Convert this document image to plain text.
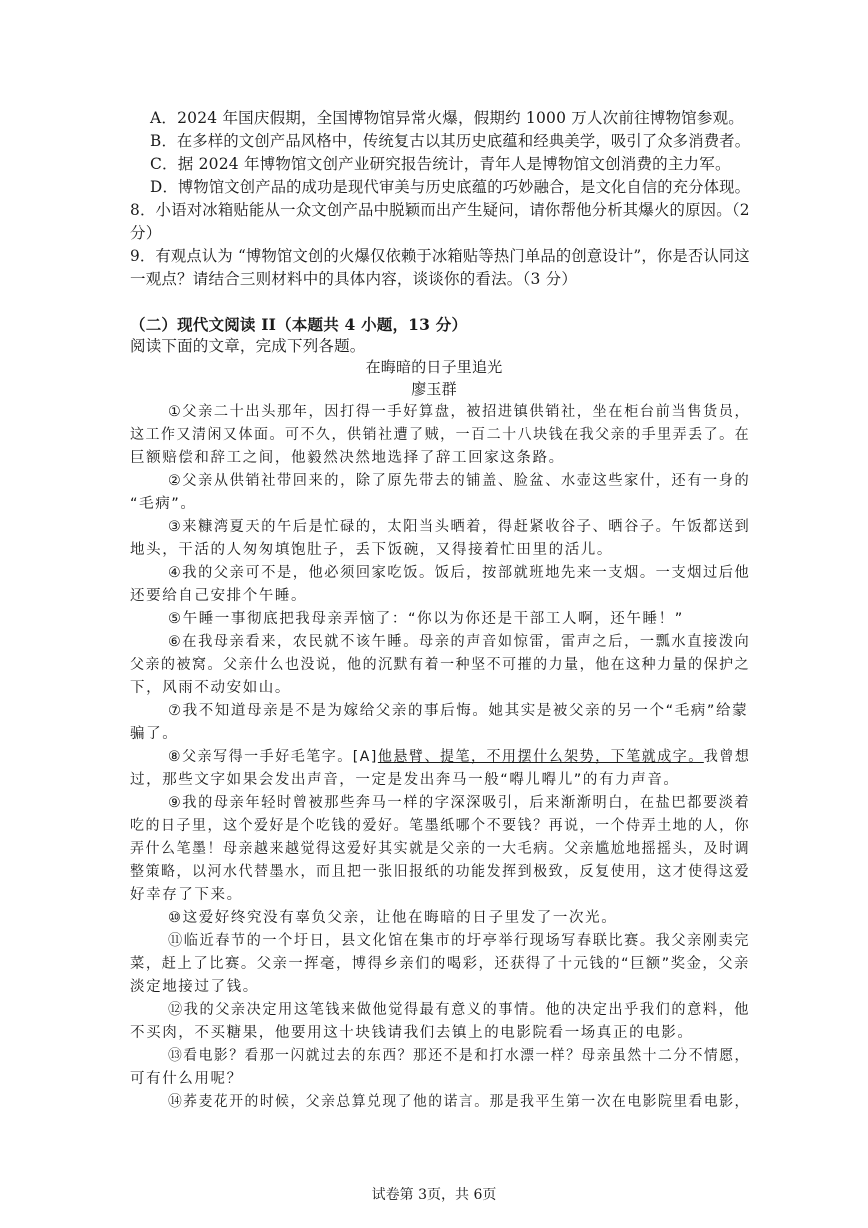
A．2024 年国庆假期，全国博物馆异常火爆，假期约 1000 万人次前往博物馆参观。
B．在多样的文创产品风格中，传统复古以其历史底蕴和经典美学，吸引了众多消费者。
C．据 2024 年博物馆文创产业研究报告统计，青年人是博物馆文创消费的主力军。
D．博物馆文创产品的成功是现代审美与历史底蕴的巧妙融合，是文化自信的充分体现。
8．小语对冰箱贴能从一众文创产品中脱颖而出产生疑问，请你帮他分析其爆火的原因。（2
分）
9．有观点认为 “博物馆文创的火爆仅依赖于冰箱贴等热门单品的创意设计”，你是否认同这
一观点？请结合三则材料中的具体内容，谈谈你的看法。（3 分）
（二）现代文阅读 II（本题共 4 小题，13 分）
阅读下面的文章，完成下列各题。
在晦暗的日子里追光
廖玉群
①父亲二十出头那年，因打得一手好算盘，被招进镇供销社，坐在柜台前当售货员，
这工作又清闲又体面。可不久，供销社遭了贼，一百二十八块钱在我父亲的手里弄丢了。在
巨额赔偿和辞工之间，他毅然决然地选择了辞工回家这条路。
②父亲从供销社带回来的，除了原先带去的铺盖、脸盆、水壶这些家什，还有一身的
“毛病”。
③来糠湾夏天的午后是忙碌的，太阳当头晒着，得赶紧收谷子、晒谷子。午饭都送到
地头，干活的人匆匆填饱肚子，丢下饭碗，又得接着忙田里的活儿。
④我的父亲可不是，他必须回家吃饭。饭后，按部就班地先来一支烟。一支烟过后他
还要给自己安排个午睡。
⑤午睡一事彻底把我母亲弄恼了：“你以为你还是干部工人啊，还午睡！”
⑥在我母亲看来，农民就不该午睡。母亲的声音如惊雷，雷声之后，一瓢水直接泼向
父亲的被窝。父亲什么也没说，他的沉默有着一种坚不可摧的力量，他在这种力量的保护之
下，风雨不动安如山。
⑦我不知道母亲是不是为嫁给父亲的事后悔。她其实是被父亲的另一个“毛病”给蒙
骗了。
⑧父亲写得一手好毛笔字。[A]他悬臂、提笔，不用摆什么架势，下笔就成字。我曾想
过，那些文字如果会发出声音，一定是发出奔马一般“嘚儿嘚儿”的有力声音。
⑨我的母亲年轻时曾被那些奔马一样的字深深吸引，后来渐渐明白，在盐巴都要淡着
吃的日子里，这个爱好是个吃钱的爱好。笔墨纸哪个不要钱？再说，一个侍弄土地的人，你
弄什么笔墨！母亲越来越觉得这爱好其实就是父亲的一大毛病。父亲尴尬地摇摇头，及时调
整策略，以河水代替墨水，而且把一张旧报纸的功能发挥到极致，反复使用，这才使得这爱
好幸存了下来。
⑩这爱好终究没有辜负父亲，让他在晦暗的日子里发了一次光。
⑪临近春节的一个圩日，县文化馆在集市的圩亭举行现场写春联比赛。我父亲刚卖完
菜，赶上了比赛。父亲一挥毫，博得乡亲们的喝彩，还获得了十元钱的“巨额”奖金，父亲
淡定地接过了钱。
⑫我的父亲决定用这笔钱来做他觉得最有意义的事情。他的决定出乎我们的意料，他
不买肉，不买糖果，他要用这十块钱请我们去镇上的电影院看一场真正的电影。
⑬看电影？看那一闪就过去的东西？那还不是和打水漂一样？母亲虽然十二分不情愿，
可有什么用呢？
⑭荞麦花开的时候，父亲总算兑现了他的诺言。那是我平生第一次在电影院里看电影，
试卷第 3页，共 6页
